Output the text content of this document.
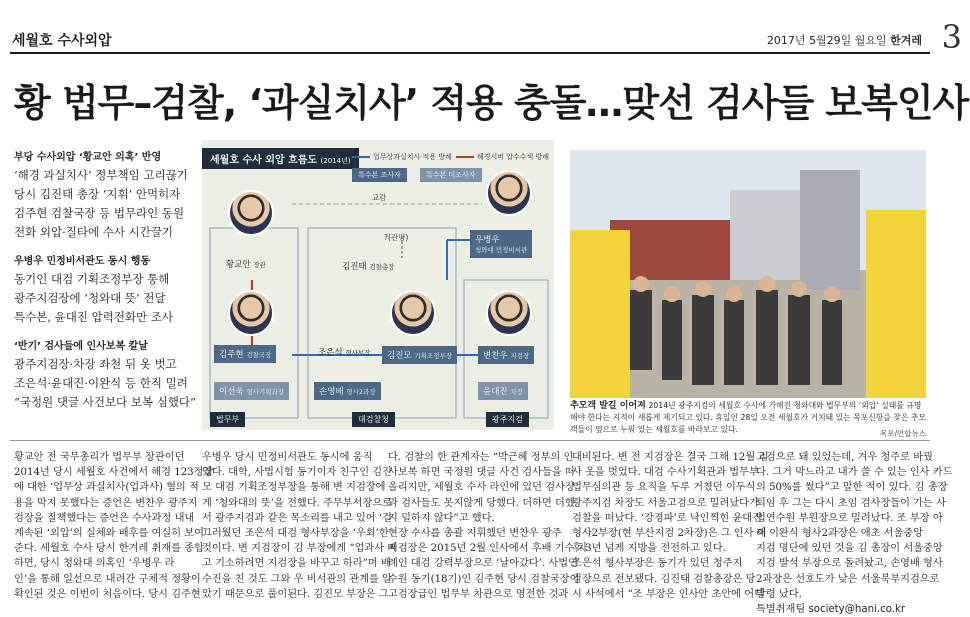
세월호 수사외압	2017년 5월29일 월요일 한겨레 3
황 법무–검찰, ‘과실치사’ 적용 충돌…맞선 검사들 보복인사
부당 수사외압 ‘황교안 의혹’ 반영
‘해경 과실치사’ 정부책임 고리끊기
당시 김진태 총장 ‘지휘’ 안먹히자
김주현 검찰국장 등 법무라인 동원
전화 외압·질타에 수사 시간끌기
우병우 민정비서관도 동시 행동
동기인 대검 기획조정부장 통해
광주지검장에 ‘청와대 뜻’ 전달
특수본, 윤대진 압력전화만 조사
‘반기’ 검사들에 인사보복 칼날
광주지검장·차장 좌천 뒤 옷 벗고
조은석·윤대진·이완식 등 한직 밀려
“국정원 댓글 사건보다 보복 심했다”
세월호 수사 외압 흐름도 (2014년)	업무상과실치사 적용 방해	해경서버 압수수색 방해
특수본 조사자	특수본 미조사자
교감
?(관망)
황교안 장관
우병우
청와대 민정비서관
김진태 검찰총장
김주현 검찰국장
이선욱 형사기획과장
조은석 형사부장
손영배 형사2과장
김진모 기획조정부장	변찬우 지검장
윤대진 차장
법무부	대검찰청	광주지검
추모객 발길 이어져 2014년 광주지검의 세월호 수사에 가해진 청와대와 법무부의 ‘외압’ 실태를 규명해야 한다는 지적이 새롭게 제기되고 있다. 휴일인 28일 오전 세월호가 거치돼 있는 목포신항을 찾은 추모객들이 옆으로 누워 있는 세월호를 바라보고 있다.	목포/연합뉴스
황교안 전 국무총리가 법무부 장관이던
2014년 당시 세월호 사건에서 해경 123정장
에 대한 ‘업무상 과실치사(업과사) 혐의 적
용을 막지 못했다는 증언은 변찬우 광주지
검장을 질책했다는 증언은 수사과정 내내
계속된 ‘외압’의 실체와 배후를 여실히 보여
준다. 세월호 수사 당시 한겨레 취재를 종합
하면, 당시 청와대 의혹인 ‘우병우 라
인’을 통해 일선으로 내려간 구체적 정황이
확인된 것은 이번이 처음이다. 당시 김주현
우병우 당시 민정비서관도 동시에 움직
였다. 대학, 사법시험 동기이자 친구인 김진
모 대검 기획조정부장을 통해 변 지검장에
게 ‘청와대의 뜻’을 전했다. 주무부서장으로
서 광주지검과 같은 목소리를 내고 있어 ‘걸
끄러웠던 조은석 대검 형사부장을 ‘우회’한
것이다. 변 지검장이 김 부장에게 “업과사 빼
고 기소하려면 지검장을 바꾸고 하라”며 배
수진을 친 것도 그와 우 비서관의 관계를 알
았기 때문으로 풀이된다. 김진모 부장은 그
다. 검찰의 한 관계자는 “박근혜 정부의 인
사보복 하면 국정원 댓글 사건 검사들을 떠
올리지만, 세월호 수사 라인에 있던 검사장
과 검사들도 못지않게 당했다. 더하면 더했
지 덜하지 않다”고 했다.
현장 수사를 총괄 지휘했던 변찬우 광주
지검장은 2015년 2월 인사에서 후배 기수 차
례인 대검 강력부장으로 ‘날아갔다’. 사법연
수원 동기(18기)인 김주현 당시 검찰국장이
고검장급인 법무부 차관으로 영전한 것과
대비된다. 변 전 지검장은 결국 그해 12월 검
사 옷을 벗었다. 대검 수사기획관과 법무부
법무심의관 등 요직을 두루 거쳤던 이두식
광주지검 차장도 서울고검으로 밀려났다가
검찰을 떠났다. ‘강경파’로 낙인찍힌 윤대진
형사2부장(현 부산지검 2차장)은 그 인사 이
후 3년 넘게 지방을 전전하고 있다.
조은석 형사부장은 동기가 있던 청주지
검장으로 전보됐다. 김진태 검찰총장은 당
시 사석에서 “조 부장은 인사안 초안에 어디
고검으로 돼 있었는데, 겨우 청주로 바꿨
다. 그거 막느라고 내가 쓸 수 있는 인사 카드
의 50%를 썼다”고 말한 적이 있다. 김 총장
퇴임 후 그는 다시 초임 검사장들이 가는 사
법연수원 부원장으로 밀려났다. 조 부장 아
래 이완식 형사2과장은 애초 서울중앙
지검 명단에 있던 것을 김 총장이 서울중앙
지검 발석 부장으로 돌려놨고, 손영배 형사
2과장은 선호도가 낮은 서울북부지검으로
발령 났다.
특별취재팀 society@hani.co.kr
